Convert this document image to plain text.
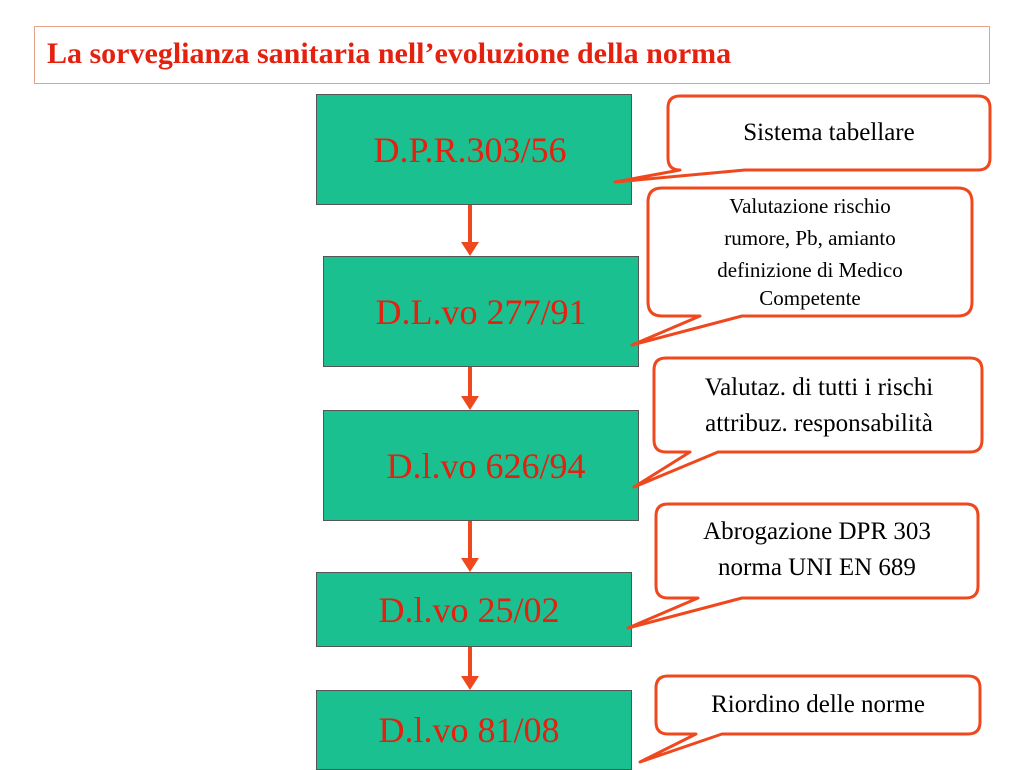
La sorveglianza sanitaria nell’evoluzione della norma
D.P.R.303/56
D.L.vo 277/91
D.l.vo 626/94
D.l.vo 25/02
D.l.vo 81/08
Sistema tabellare
Valutazione rischio
rumore, Pb, amianto
definizione di Medico
Competente
Valutaz. di tutti i rischi
attribuz. responsabilità
Abrogazione DPR 303
norma UNI EN 689
Riordino delle norme
